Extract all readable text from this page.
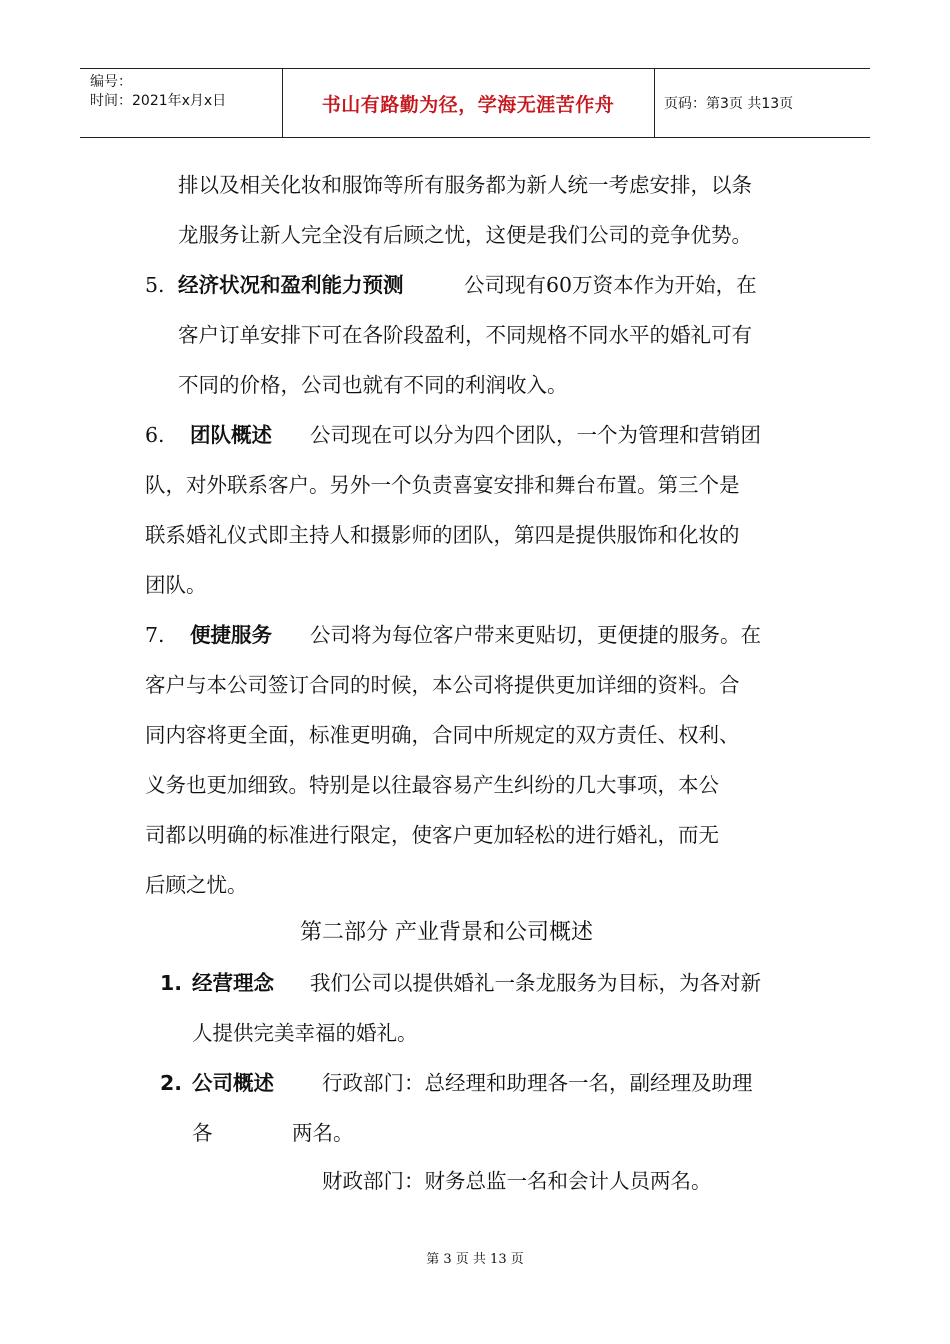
编号：
时间：2021年x月x日	书山有路勤为径，学海无涯苦作舟	页码：第3页 共13页
排以及相关化妆和服饰等所有服务都为新人统一考虑安排，以条
龙服务让新人完全没有后顾之忧，这便是我们公司的竞争优势。
5. 经济状况和盈利能力预测	公司现有60万资本作为开始，在
客户订单安排下可在各阶段盈利，不同规格不同水平的婚礼可有
不同的价格，公司也就有不同的利润收入。
6. 团队概述 公司现在可以分为四个团队，一个为管理和营销团
队，对外联系客户。另外一个负责喜宴安排和舞台布置。第三个是
联系婚礼仪式即主持人和摄影师的团队，第四是提供服饰和化妆的
团队。
7. 便捷服务 公司将为每位客户带来更贴切，更便捷的服务。在
客户与本公司签订合同的时候，本公司将提供更加详细的资料。合
同内容将更全面，标准更明确，合同中所规定的双方责任、权利、
义务也更加细致。特别是以往最容易产生纠纷的几大事项，本公
司都以明确的标准进行限定，使客户更加轻松的进行婚礼，而无
后顾之忧。
第二部分 产业背景和公司概述
1. 经营理念 我们公司以提供婚礼一条龙服务为目标，为各对新
人提供完美幸福的婚礼。
2. 公司概述 行政部门：总经理和助理各一名，副经理及助理
各	两名。
财政部门：财务总监一名和会计人员两名。
第 3 页 共 13 页
